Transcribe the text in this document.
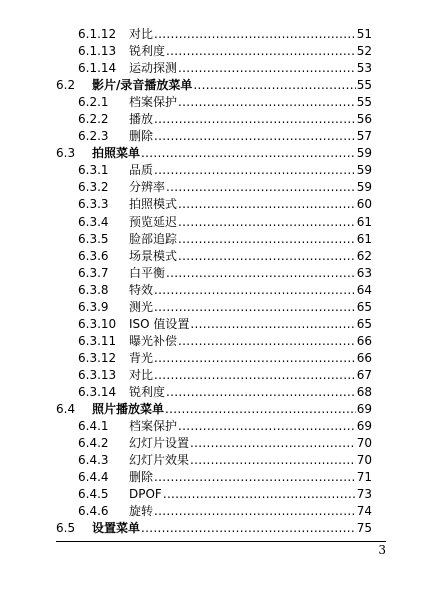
6.1.12 对比 .....	51
6.1.13 锐利度 .....	52
6.1.14 运动探测 .....	53
6.2 影片/录音播放菜单 .....	55
6.2.1 档案保护 .....	55
6.2.2 播放 .....	56
6.2.3 删除 .....	57
6.3 拍照菜单 .....	59
6.3.1 品质 .....	59
6.3.2 分辨率 .....	59
6.3.3 拍照模式 .....	60
6.3.4 预览延迟 .....	61
6.3.5 脸部追踪 .....	61
6.3.6 场景模式 .....	62
6.3.7 白平衡 .....	63
6.3.8 特效 .....	64
6.3.9 测光 .....	65
6.3.10 ISO 值设置 .....	65
6.3.11 曝光补偿 .....	66
6.3.12 背光 .....	66
6.3.13 对比 .....	67
6.3.14 锐利度 .....	68
6.4 照片播放菜单 .....	69
6.4.1 档案保护 .....	69
6.4.2 幻灯片设置 .....	70
6.4.3 幻灯片效果 .....	70
6.4.4 删除 .....	71
6.4.5 DPOF .....	73
6.4.6 旋转 .....	74
6.5 设置菜单 .....	75
3
